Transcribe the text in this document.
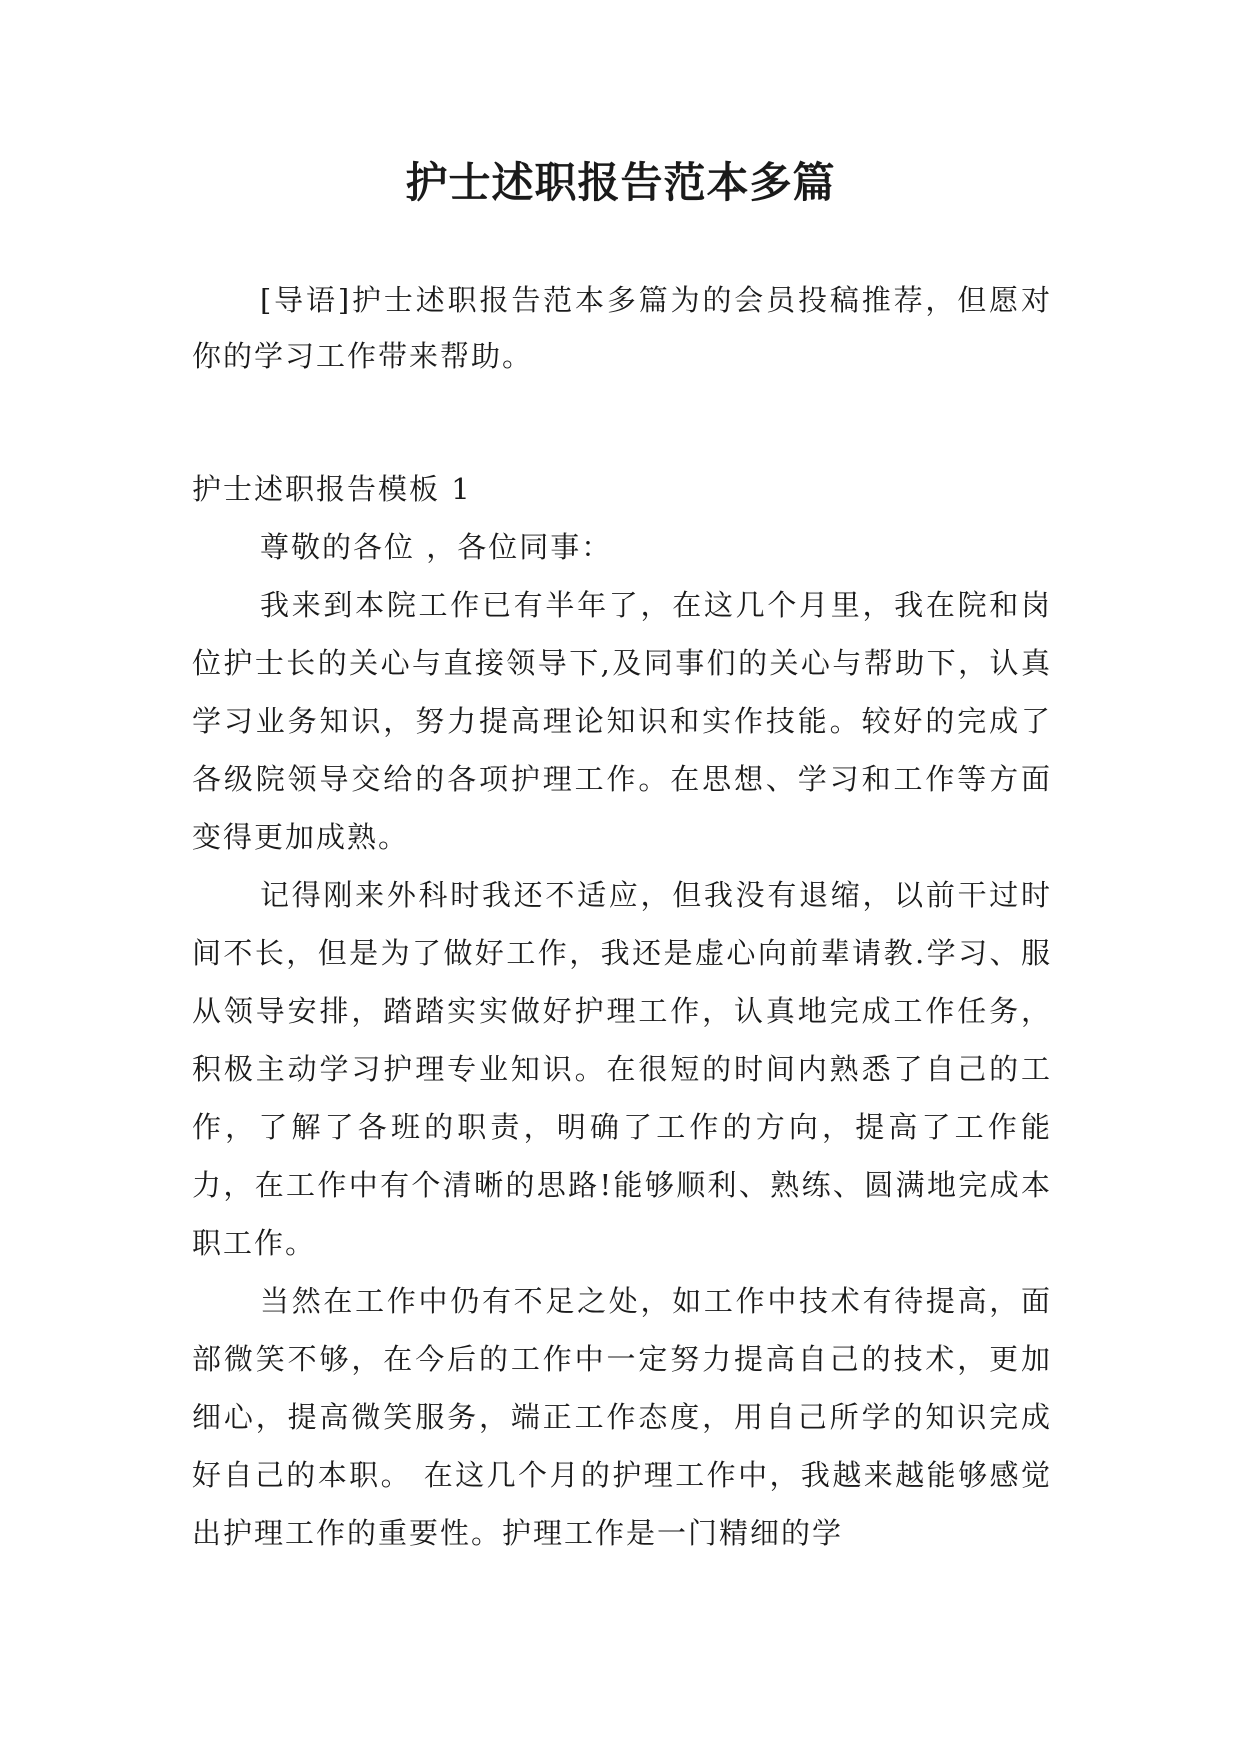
护士述职报告范本多篇

[导语]护士述职报告范本多篇为的会员投稿推荐，但愿对你的学习工作带来帮助。

护士述职报告模板 1

尊敬的各位 ，各位同事：

我来到本院工作已有半年了，在这几个月里，我在院和岗位护士长的关心与直接领导下,及同事们的关心与帮助下，认真学习业务知识，努力提高理论知识和实作技能。较好的完成了各级院领导交给的各项护理工作。在思想、学习和工作等方面变得更加成熟。

记得刚来外科时我还不适应，但我没有退缩，以前干过时间不长，但是为了做好工作，我还是虚心向前辈请教.学习、服从领导安排，踏踏实实做好护理工作，认真地完成工作任务，积极主动学习护理专业知识。在很短的时间内熟悉了自己的工作，了解了各班的职责，明确了工作的方向，提高了工作能力，在工作中有个清晰的思路!能够顺利、熟练、圆满地完成本职工作。

当然在工作中仍有不足之处，如工作中技术有待提高，面部微笑不够，在今后的工作中一定努力提高自己的技术，更加细心，提高微笑服务，端正工作态度，用自己所学的知识完成好自己的本职。 在这几个月的护理工作中，我越来越能够感觉出护理工作的重要性。护理工作是一门精细的学
